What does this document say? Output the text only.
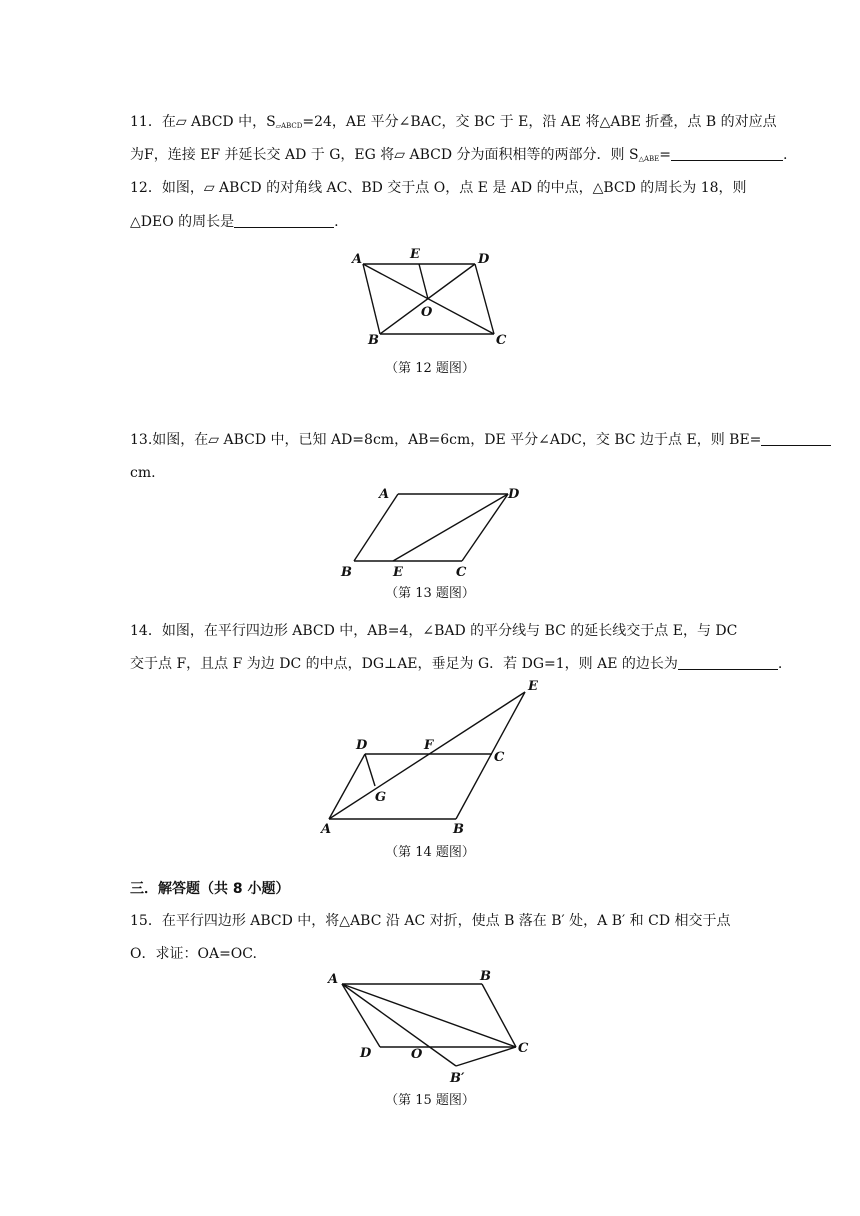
11．在▱ ABCD 中，$S_{▱ABCD}=24$，AE 平分∠BAC，交 BC 于 E，沿 AE 将△ABE 折叠，点 B 的对应点
为F，连接 EF 并延长交 AD 于 G，EG 将▱ ABCD 分为面积相等的两部分．则 $S_{\triangle ABE}=$	.
12．如图，▱ ABCD 的对角线 AC、BD 交于点 O，点 E 是 AD 的中点，△BCD 的周长为 18，则
△DEO 的周长是	.
A	E	D
O
B	C
A	D
B	E	C
D	F
C
E
G
A	B
A	B
D	O	C
B′
（第 12 题图）
13.如图，在▱ ABCD 中，已知 AD=8cm，AB=6cm，DE 平分∠ADC，交 BC 边于点 E，则 BE=
cm.
（第 13 题图）
14．如图，在平行四边形 ABCD 中，AB=4，∠BAD 的平分线与 BC 的延长线交于点 E，与 DC
交于点 F，且点 F 为边 DC 的中点，DG⊥AE，垂足为 G．若 DG=1，则 AE 的边长为	.
（第 14 题图）
三．解答题（共 8 小题）
15．在平行四边形 ABCD 中，将△ABC 沿 AC 对折，使点 B 落在 B′ 处，A B′ 和 CD 相交于点
O．求证：OA=OC.
（第 15 题图）
